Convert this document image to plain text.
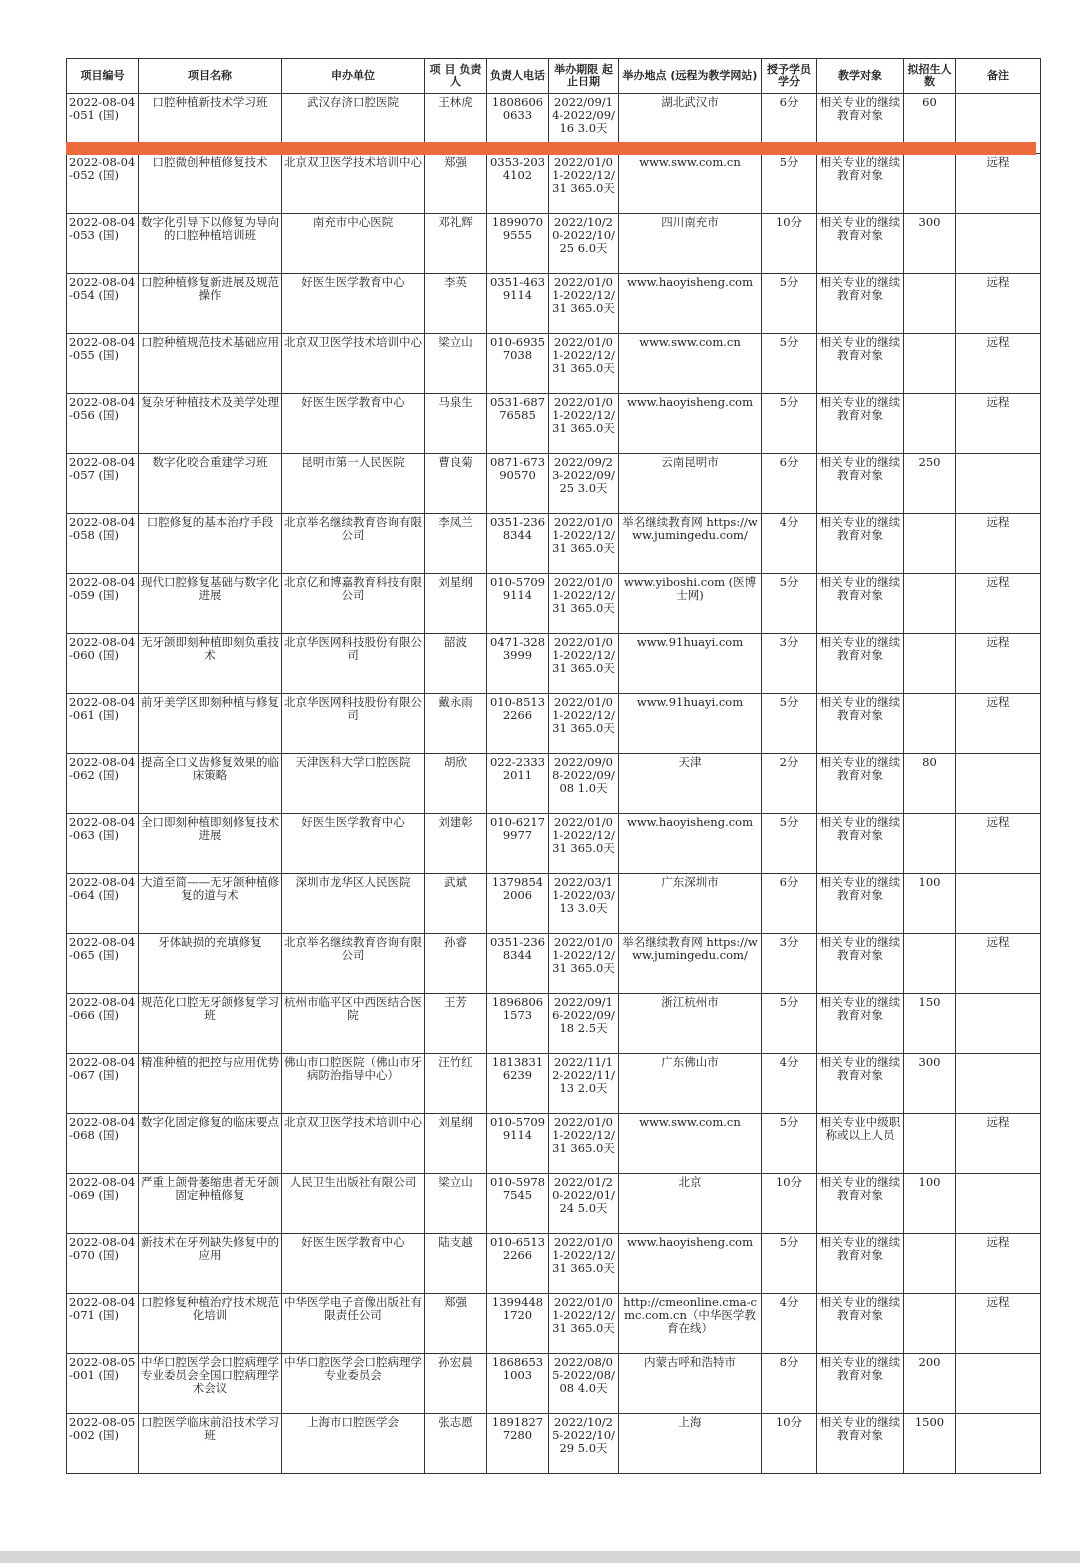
项目编号	项目名称	申办单位	项 目 负责人	负责人电话	举办期限 起止日期	举办地点 (远程为教学网站)	授予学员学分	教学对象	拟招生人数	备注
2022-08-04-051 (国)	口腔种植新技术学习班	武汉存济口腔医院	王林虎	18086060633	2022/09/14-2022/09/16 3.0天	湖北武汉市	6分	相关专业的继续教育对象	60	
2022-08-04-052 (国)	口腔微创种植修复技术	北京双卫医学技术培训中心	郑强	0353-2034102	2022/01/01-2022/12/31 365.0天	www.sww.com.cn	5分	相关专业的继续教育对象		远程
2022-08-04-053 (国)	数字化引导下以修复为导向的口腔种植培训班	南充市中心医院	邓礼辉	18990709555	2022/10/20-2022/10/25 6.0天	四川南充市	10分	相关专业的继续教育对象	300	
2022-08-04-054 (国)	口腔种植修复新进展及规范操作	好医生医学教育中心	李英	0351-4639114	2022/01/01-2022/12/31 365.0天	www.haoyisheng.com	5分	相关专业的继续教育对象		远程
2022-08-04-055 (国)	口腔种植规范技术基础应用	北京双卫医学技术培训中心	梁立山	010-69357038	2022/01/01-2022/12/31 365.0天	www.sww.com.cn	5分	相关专业的继续教育对象		远程
2022-08-04-056 (国)	复杂牙种植技术及美学处理	好医生医学教育中心	马泉生	0531-68776585	2022/01/01-2022/12/31 365.0天	www.haoyisheng.com	5分	相关专业的继续教育对象		远程
2022-08-04-057 (国)	数字化咬合重建学习班	昆明市第一人民医院	曹良菊	0871-67390570	2022/09/23-2022/09/25 3.0天	云南昆明市	6分	相关专业的继续教育对象	250	
2022-08-04-058 (国)	口腔修复的基本治疗手段	北京举名继续教育咨询有限公司	李凤兰	0351-2368344	2022/01/01-2022/12/31 365.0天	举名继续教育网 https://www.jumingedu.com/	4分	相关专业的继续教育对象		远程
2022-08-04-059 (国)	现代口腔修复基础与数字化进展	北京亿和博嘉教育科技有限公司	刘星纲	010-57099114	2022/01/01-2022/12/31 365.0天	www.yiboshi.com (医博士网)	5分	相关专业的继续教育对象		远程
2022-08-04-060 (国)	无牙颌即刻种植即刻负重技术	北京华医网科技股份有限公司	韶波	0471-3283999	2022/01/01-2022/12/31 365.0天	www.91huayi.com	3分	相关专业的继续教育对象		远程
2022-08-04-061 (国)	前牙美学区即刻种植与修复	北京华医网科技股份有限公司	戴永雨	010-85132266	2022/01/01-2022/12/31 365.0天	www.91huayi.com	5分	相关专业的继续教育对象		远程
2022-08-04-062 (国)	提高全口义齿修复效果的临床策略	天津医科大学口腔医院	胡欣	022-23332011	2022/09/08-2022/09/08 1.0天	天津	2分	相关专业的继续教育对象	80	
2022-08-04-063 (国)	全口即刻种植即刻修复技术进展	好医生医学教育中心	刘建彰	010-62179977	2022/01/01-2022/12/31 365.0天	www.haoyisheng.com	5分	相关专业的继续教育对象		远程
2022-08-04-064 (国)	大道至简——无牙颌种植修复的道与术	深圳市龙华区人民医院	武斌	13798542006	2022/03/11-2022/03/13 3.0天	广东深圳市	6分	相关专业的继续教育对象	100	
2022-08-04-065 (国)	牙体缺损的充填修复	北京举名继续教育咨询有限公司	孙睿	0351-2368344	2022/01/01-2022/12/31 365.0天	举名继续教育网 https://www.jumingedu.com/	3分	相关专业的继续教育对象		远程
2022-08-04-066 (国)	规范化口腔无牙颌修复学习班	杭州市临平区中西医结合医院	王芳	18968061573	2022/09/16-2022/09/18 2.5天	浙江杭州市	5分	相关专业的继续教育对象	150	
2022-08-04-067 (国)	精准种植的把控与应用优势	佛山市口腔医院（佛山市牙病防治指导中心）	汪竹红	18138316239	2022/11/12-2022/11/13 2.0天	广东佛山市	4分	相关专业的继续教育对象	300	
2022-08-04-068 (国)	数字化固定修复的临床要点	北京双卫医学技术培训中心	刘星纲	010-57099114	2022/01/01-2022/12/31 365.0天	www.sww.com.cn	5分	相关专业中级职称或以上人员		远程
2022-08-04-069 (国)	严重上颌骨萎缩患者无牙颌固定种植修复	人民卫生出版社有限公司	梁立山	010-59787545	2022/01/20-2022/01/24 5.0天	北京	10分	相关专业的继续教育对象	100	
2022-08-04-070 (国)	新技术在牙列缺失修复中的应用	好医生医学教育中心	陆支越	010-65132266	2022/01/01-2022/12/31 365.0天	www.haoyisheng.com	5分	相关专业的继续教育对象		远程
2022-08-04-071 (国)	口腔修复种植治疗技术规范化培训	中华医学电子音像出版社有限责任公司	郑强	13994481720	2022/01/01-2022/12/31 365.0天	http://cmeonline.cma-cmc.com.cn（中华医学教育在线）	4分	相关专业的继续教育对象		远程
2022-08-05-001 (国)	中华口腔医学会口腔病理学专业委员会全国口腔病理学术会议	中华口腔医学会口腔病理学专业委员会	孙宏晨	18686531003	2022/08/05-2022/08/08 4.0天	内蒙古呼和浩特市	8分	相关专业的继续教育对象	200	
2022-08-05-002 (国)	口腔医学临床前沿技术学习班	上海市口腔医学会	张志愿	18918277280	2022/10/25-2022/10/29 5.0天	上海	10分	相关专业的继续教育对象	1500	
